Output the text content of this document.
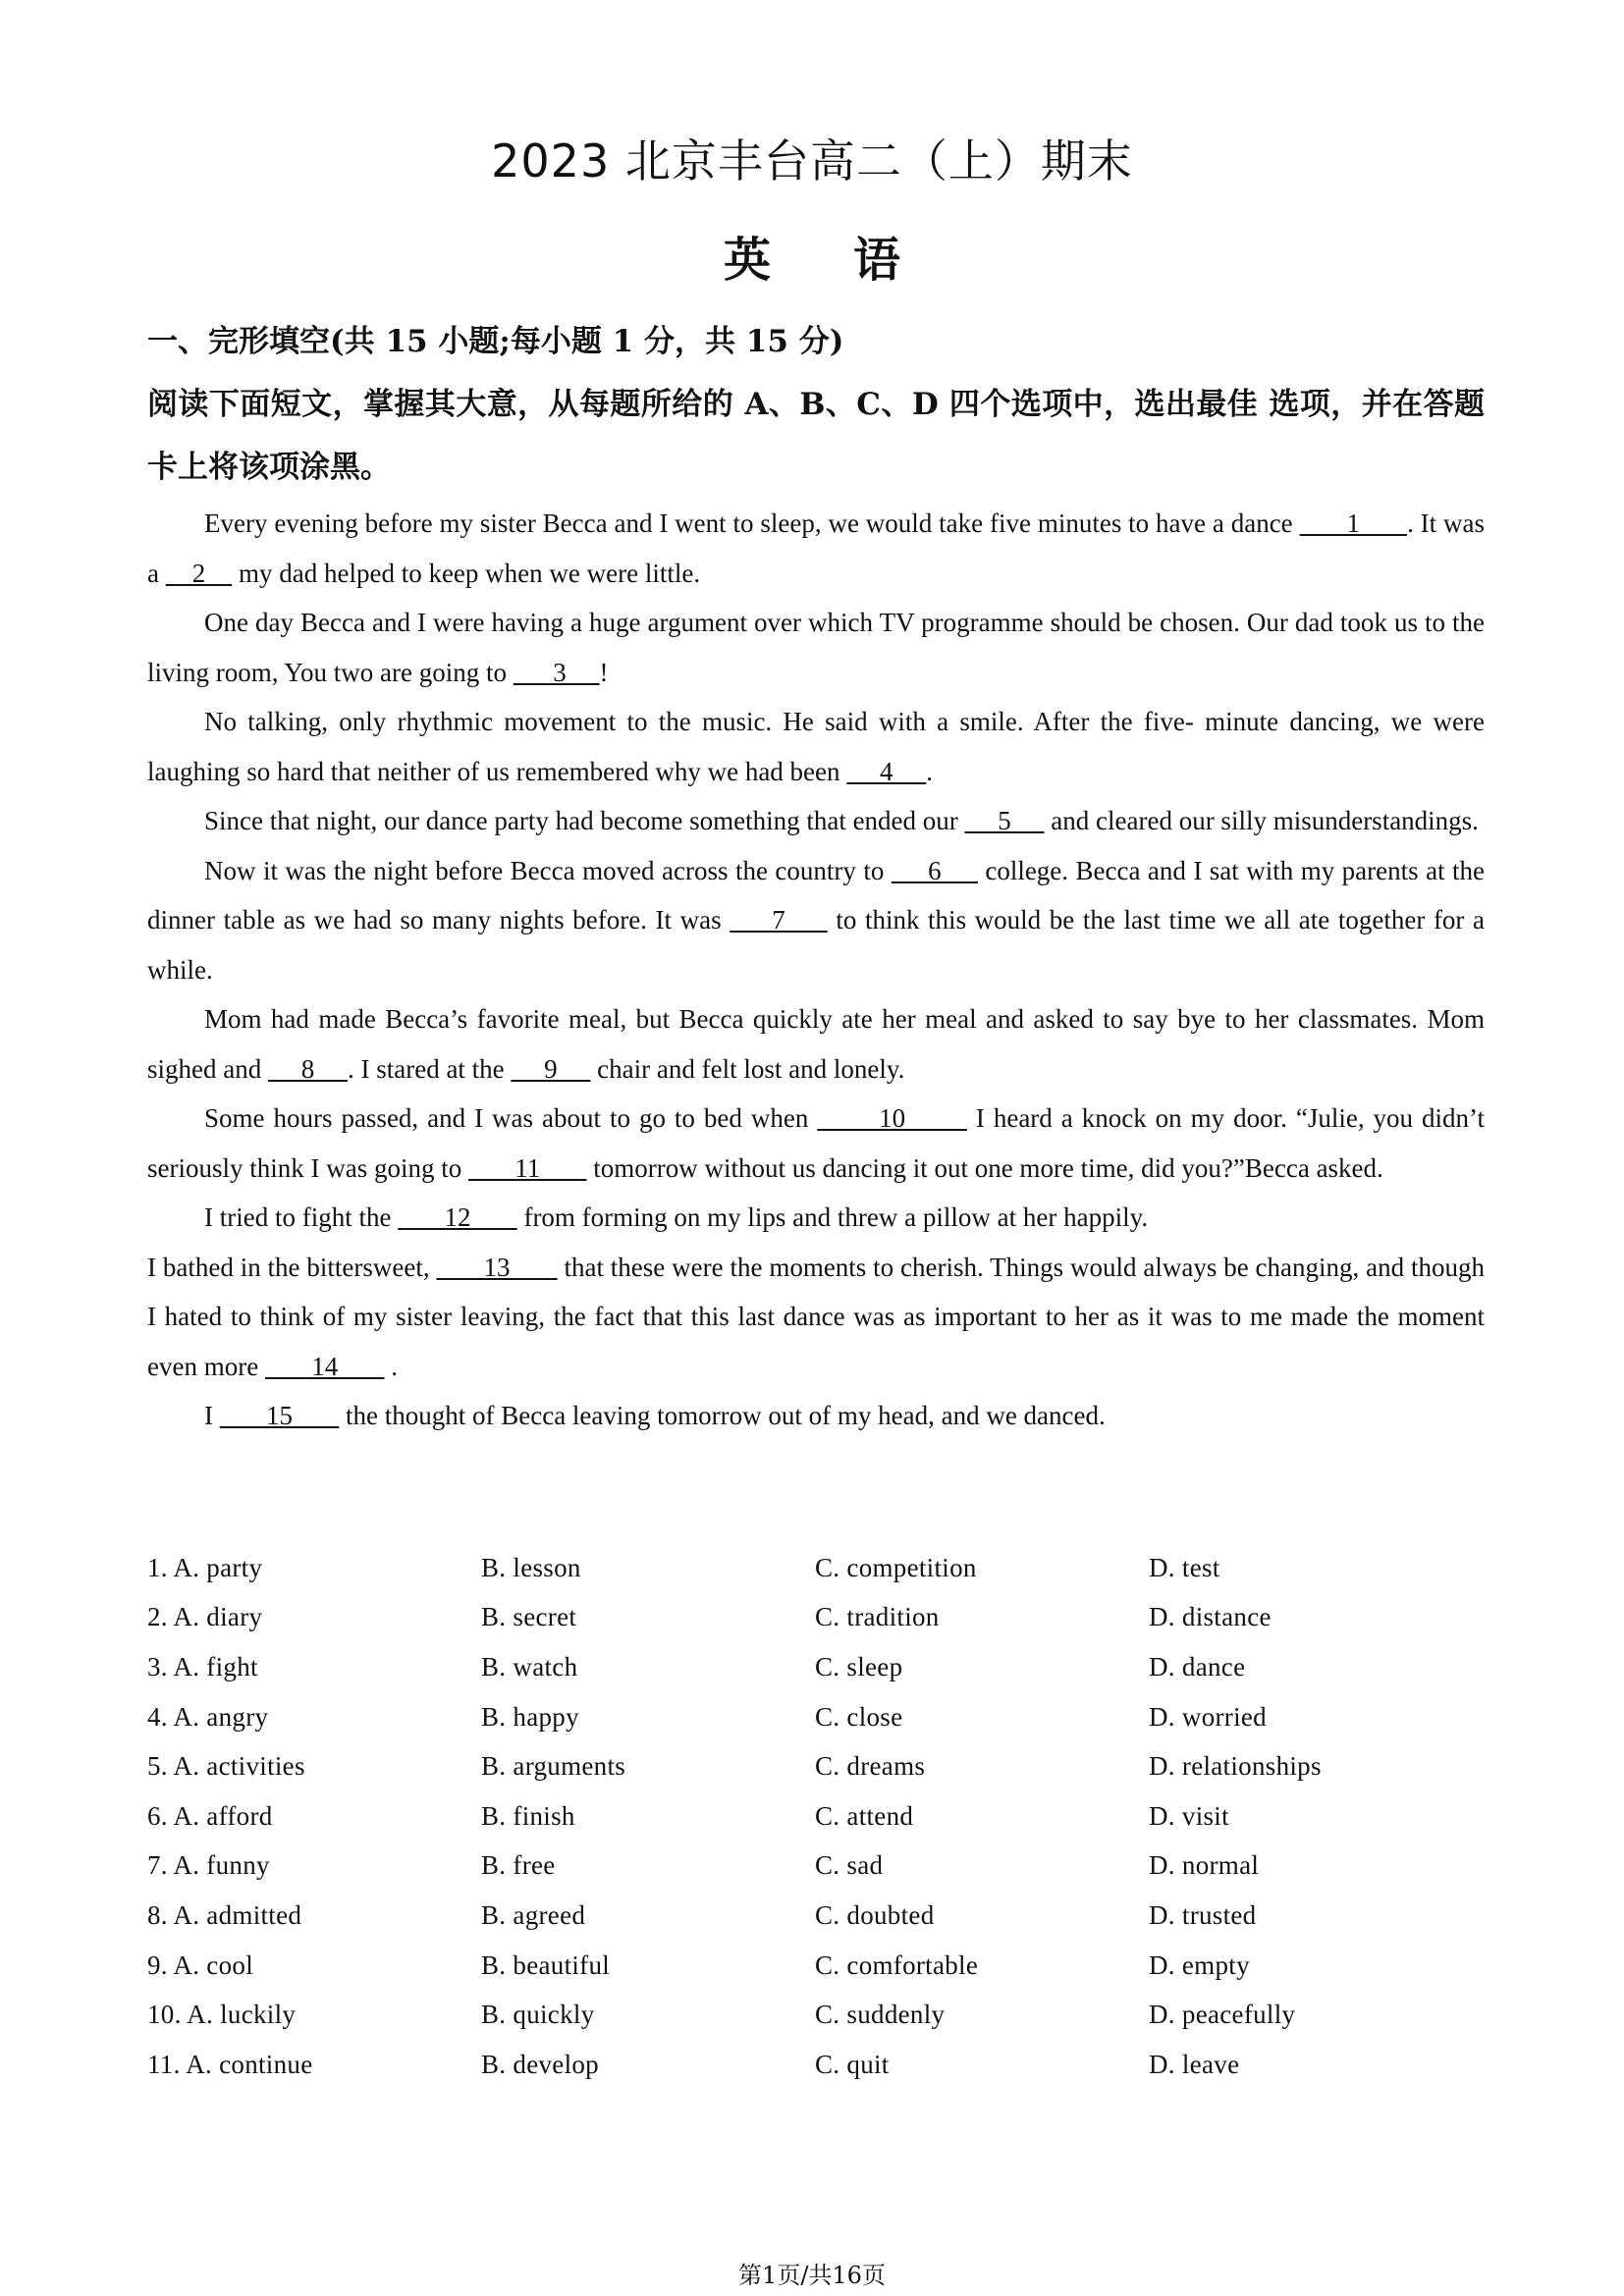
2023 北京丰台高二（上）期末
英 语
一、完形填空(共 15 小题;每小题 1 分，共 15 分)
阅读下面短文，掌握其大意，从每题所给的 A、B、C、D 四个选项中，选出最佳 选项，并在答题卡上将该项涂黑。

Every evening before my sister Becca and I went to sleep, we would take five minutes to have a dance        1       . It was a     2     my dad helped to keep when we were little.

One day Becca and I were having a huge argument over which TV programme should be chosen. Our dad took us to the living room, You two are going to       3     !

No talking, only rhythmic movement to the music. He said with a smile. After the five- minute dancing, we were laughing so hard that neither of us remembered why we had been      4     .

Since that night, our dance party had become something that ended our      5      and cleared our silly misunderstandings.

Now it was the night before Becca moved across the country to      6      college. Becca and I sat with my parents at the dinner table as we had so many nights before. It was      7      to think this would be the last time we all ate together for a while.

Mom had made Becca’s favorite meal, but Becca quickly ate her meal and asked to say bye to her classmates. Mom sighed and      8     . I stared at the      9      chair and felt lost and lonely.

Some hours passed, and I was about to go to bed when        10        I heard a knock on my door. “Julie, you didn’t seriously think I was going to        11        tomorrow without us dancing it out one more time, did you?”Becca asked.

I tried to fight the        12        from forming on my lips and threw a pillow at her happily.

I bathed in the bittersweet,        13        that these were the moments to cherish. Things would always be changing, and though I hated to think of my sister leaving, the fact that this last dance was as important to her as it was to me made the moment even more        14        .

I        15        the thought of Becca leaving tomorrow out of my head, and we danced.

1. A. party	B. lesson	C. competition	D. test
2. A. diary	B. secret	C. tradition	D. distance
3. A. fight	B. watch	C. sleep	D. dance
4. A. angry	B. happy	C. close	D. worried
5. A. activities	B. arguments	C. dreams	D. relationships
6. A. afford	B. finish	C. attend	D. visit
7. A. funny	B. free	C. sad	D. normal
8. A. admitted	B. agreed	C. doubted	D. trusted
9. A. cool	B. beautiful	C. comfortable	D. empty
10. A. luckily	B. quickly	C. suddenly	D. peacefully
11. A. continue	B. develop	C. quit	D. leave
第1页/共16页
